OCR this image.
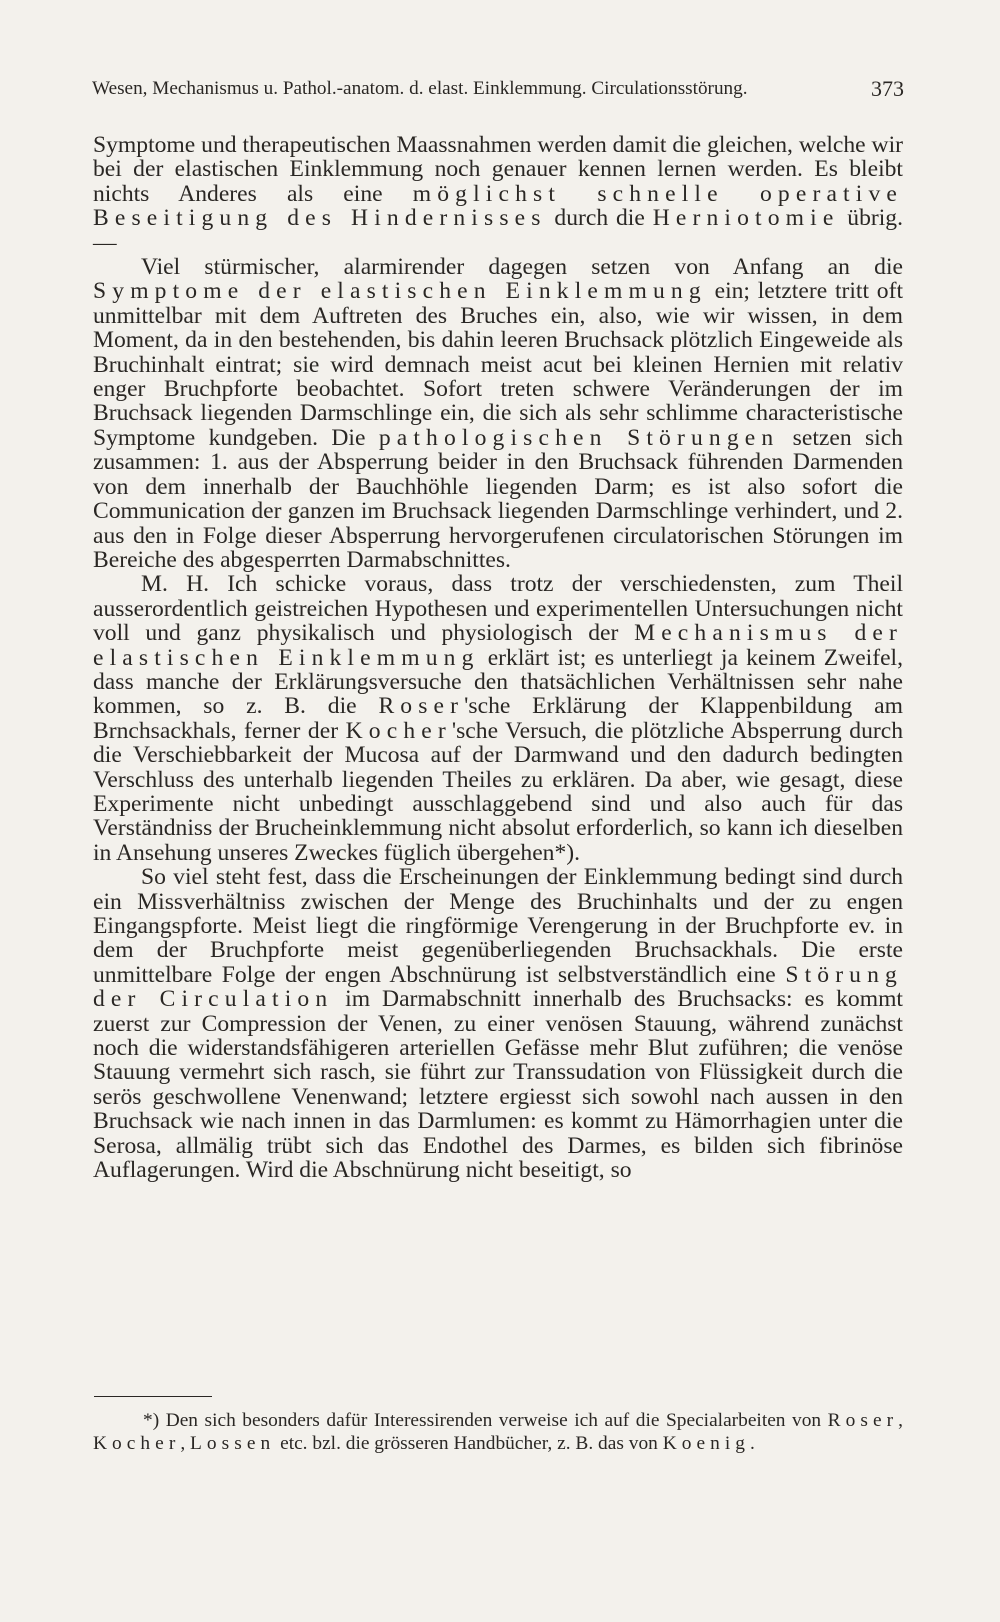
Wesen, Mechanismus u. Pathol.-anatom. d. elast. Einklemmung. Circulationsstörung.	373

Symptome und therapeutischen Maassnahmen werden damit die gleichen, welche wir bei der elastischen Einklemmung noch genauer kennen lernen werden. Es bleibt nichts Anderes als eine möglichst schnelle operative Beseitigung des Hindernisses durch die Herniotomie übrig. —

Viel stürmischer, alarmirender dagegen setzen von Anfang an die Symptome der elastischen Einklemmung ein; letztere tritt oft unmittelbar mit dem Auftreten des Bruches ein, also, wie wir wissen, in dem Moment, da in den bestehenden, bis dahin leeren Bruchsack plötzlich Eingeweide als Bruchinhalt eintrat; sie wird demnach meist acut bei kleinen Hernien mit relativ enger Bruchpforte beobachtet. Sofort treten schwere Veränderungen der im Bruchsack liegenden Darmschlinge ein, die sich als sehr schlimme characteristische Symptome kundgeben. Die pathologischen Störungen setzen sich zusammen: 1. aus der Absperrung beider in den Bruchsack führenden Darmenden von dem innerhalb der Bauchhöhle liegenden Darm; es ist also sofort die Communication der ganzen im Bruchsack liegenden Darmschlinge verhindert, und 2. aus den in Folge dieser Absperrung hervorgerufenen circulatorischen Störungen im Bereiche des abgesperrten Darmabschnittes.

M. H. Ich schicke voraus, dass trotz der verschiedensten, zum Theil ausserordentlich geistreichen Hypothesen und experimentellen Untersuchungen nicht voll und ganz physikalisch und physiologisch der Mechanismus der elastischen Einklemmung erklärt ist; es unterliegt ja keinem Zweifel, dass manche der Erklärungsversuche den thatsächlichen Verhältnissen sehr nahe kommen, so z. B. die Roser'sche Erklärung der Klappenbildung am Brnchsackhals, ferner der Kocher'sche Versuch, die plötzliche Absperrung durch die Verschiebbarkeit der Mucosa auf der Darmwand und den dadurch bedingten Verschluss des unterhalb liegenden Theiles zu erklären. Da aber, wie gesagt, diese Experimente nicht unbedingt ausschlaggebend sind und also auch für das Verständniss der Brucheinklemmung nicht absolut erforderlich, so kann ich dieselben in Ansehung unseres Zweckes füglich übergehen*).

So viel steht fest, dass die Erscheinungen der Einklemmung bedingt sind durch ein Missverhältniss zwischen der Menge des Bruchinhalts und der zu engen Eingangspforte. Meist liegt die ringförmige Verengerung in der Bruchpforte ev. in dem der Bruchpforte meist gegenüberliegenden Bruchsackhals. Die erste unmittelbare Folge der engen Abschnürung ist selbstverständlich eine Störung der Circulation im Darmabschnitt innerhalb des Bruchsacks: es kommt zuerst zur Compression der Venen, zu einer venösen Stauung, während zunächst noch die widerstandsfähigeren arteriellen Gefässe mehr Blut zuführen; die venöse Stauung vermehrt sich rasch, sie führt zur Transsudation von Flüssigkeit durch die serös geschwollene Venenwand; letztere ergiesst sich sowohl nach aussen in den Bruchsack wie nach innen in das Darmlumen: es kommt zu Hämorrhagien unter die Serosa, allmälig trübt sich das Endothel des Darmes, es bilden sich fibrinöse Auflagerungen. Wird die Abschnürung nicht beseitigt, so

*) Den sich besonders dafür Interessirenden verweise ich auf die Specialarbeiten von Roser, Kocher, Lossen etc. bzl. die grösseren Handbücher, z. B. das von Koenig.
